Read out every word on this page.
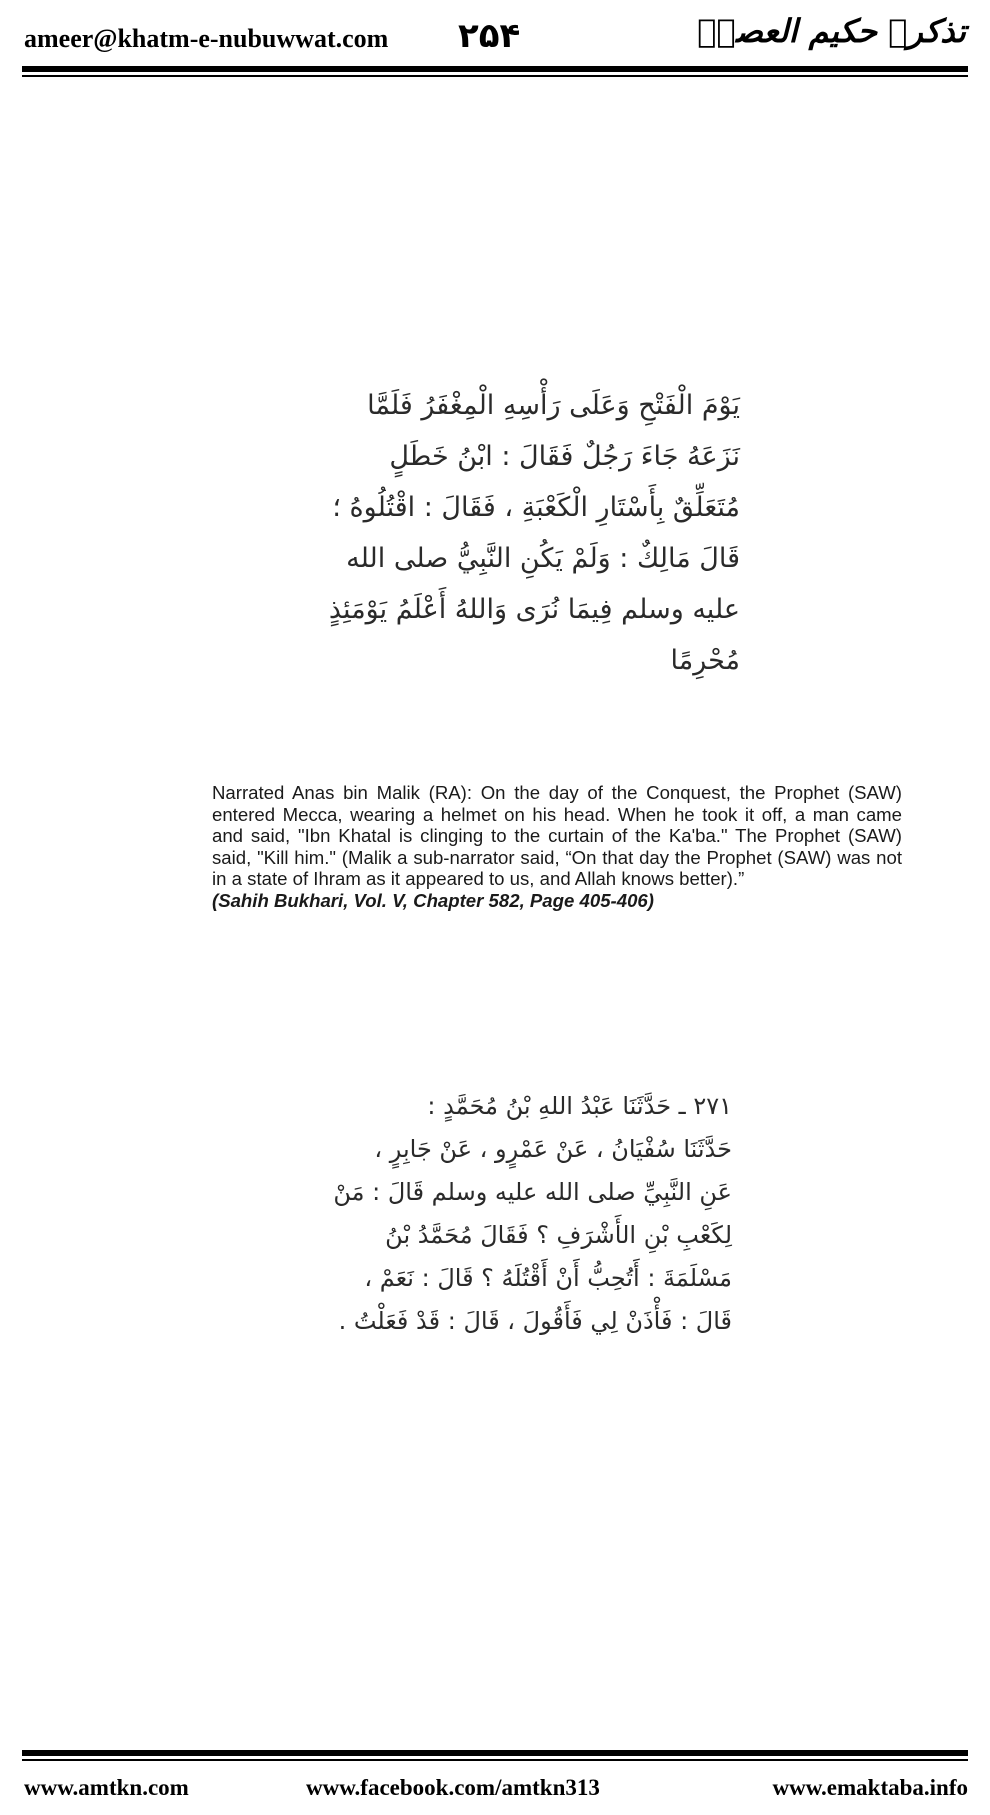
ameer@khatm-e-nubuwwat.com ۲۵۴	تذکرہ حکیم العصرؒ
يَوْمَ الْفَتْحِ وَعَلَى رَأْسِهِ الْمِغْفَرُ فَلَمَّا
نَزَعَهُ جَاءَ رَجُلٌ فَقَالَ : ابْنُ خَطَلٍ
مُتَعَلِّقٌ بِأَسْتَارِ الْكَعْبَةِ ، فَقَالَ : اقْتُلُوهُ ؛
قَالَ مَالِكٌ : وَلَمْ يَكُنِ النَّبِيُّ صلى الله
عليه وسلم فِيمَا نُرَى وَاللهُ أَعْلَمُ يَوْمَئِذٍ
مُحْرِمًا
Narrated Anas bin Malik (RA): On the day of the Conquest, the Prophet (SAW) entered Mecca, wearing a helmet on his head. When he took it off, a man came and said, "Ibn Khatal is clinging to the curtain of the Ka'ba." The Prophet (SAW) said, "Kill him." (Malik a sub-narrator said, “On that day the Prophet (SAW) was not in a state of Ihram as it appeared to us, and Allah knows better).”
(Sahih Bukhari, Vol. V, Chapter 582, Page 405-406)
٢٧١ ـ حَدَّثَنَا عَبْدُ اللهِ بْنُ مُحَمَّدٍ :
حَدَّثَنَا سُفْيَانُ ، عَنْ عَمْرٍو ، عَنْ جَابِرٍ ،
عَنِ النَّبِيِّ صلى الله عليه وسلم قَالَ : مَنْ
لِكَعْبِ بْنِ الأَشْرَفِ ؟ فَقَالَ مُحَمَّدُ بْنُ
مَسْلَمَةَ : أَتُحِبُّ أَنْ أَقْتُلَهُ ؟ قَالَ : نَعَمْ ،
قَالَ : فَأْذَنْ لِي فَأَقُولَ ، قَالَ : قَدْ فَعَلْتُ .
www.amtkn.com	www.facebook.com/amtkn313	www.emaktaba.info
